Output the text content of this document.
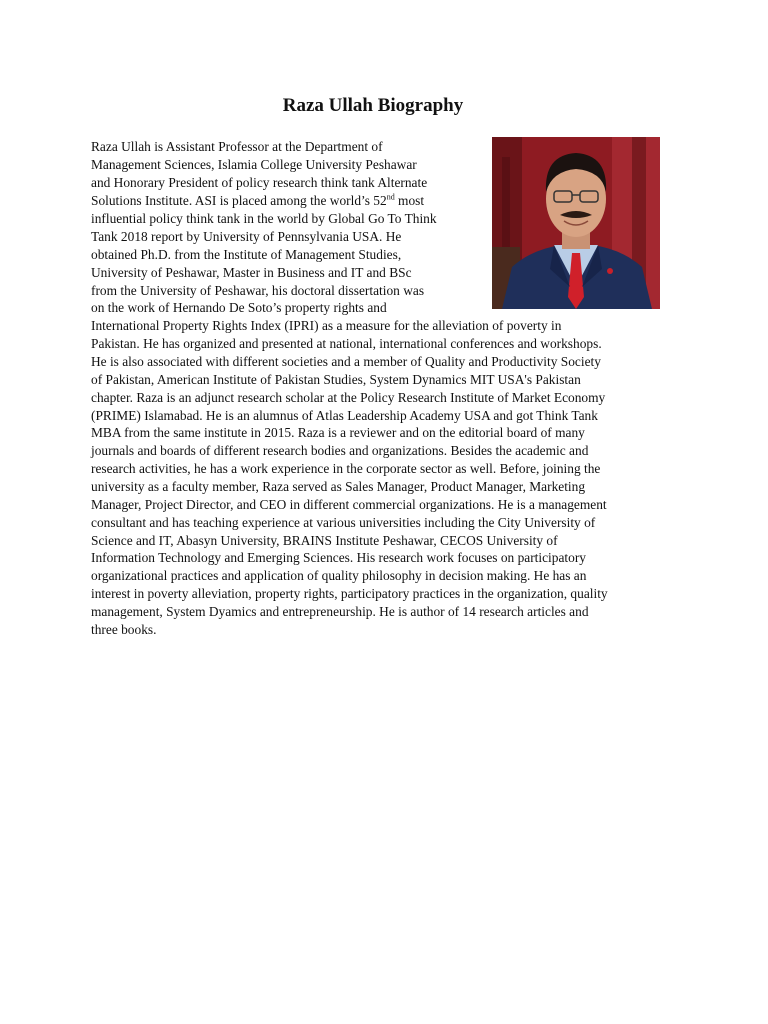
Raza Ullah Biography

Raza Ullah is Assistant Professor at the Department of

Management Sciences, Islamia College University Peshawar

and Honorary President of policy research think tank Alternate

Solutions Institute. ASI is placed among the world’s 52nd most

influential policy think tank in the world by Global Go To Think

Tank 2018 report by University of Pennsylvania USA. He

obtained Ph.D. from the Institute of Management Studies,

University of Peshawar, Master in Business and IT and BSc

from the University of Peshawar, his doctoral dissertation was

on the work of Hernando De Soto’s property rights and

International Property Rights Index (IPRI) as a measure for the alleviation of poverty in

Pakistan. He has organized and presented at national, international conferences and workshops.

He is also associated with different societies and a member of Quality and Productivity Society

of Pakistan, American Institute of Pakistan Studies, System Dynamics MIT USA's Pakistan

chapter. Raza is an adjunct research scholar at the Policy Research Institute of Market Economy

(PRIME) Islamabad. He is an alumnus of Atlas Leadership Academy USA and got Think Tank

MBA from the same institute in 2015. Raza is a reviewer and on the editorial board of many

journals and boards of different research bodies and organizations. Besides the academic and

research activities, he has a work experience in the corporate sector as well. Before, joining the

university as a faculty member, Raza served as Sales Manager, Product Manager, Marketing

Manager, Project Director, and CEO in different commercial organizations. He is a management

consultant and has teaching experience at various universities including the City University of

Science and IT, Abasyn University, BRAINS Institute Peshawar, CECOS University of

Information Technology and Emerging Sciences. His research work focuses on participatory

organizational practices and application of quality philosophy in decision making. He has an

interest in poverty alleviation, property rights, participatory practices in the organization, quality

management, System Dyamics and entrepreneurship. He is author of 14 research articles and

three books.
